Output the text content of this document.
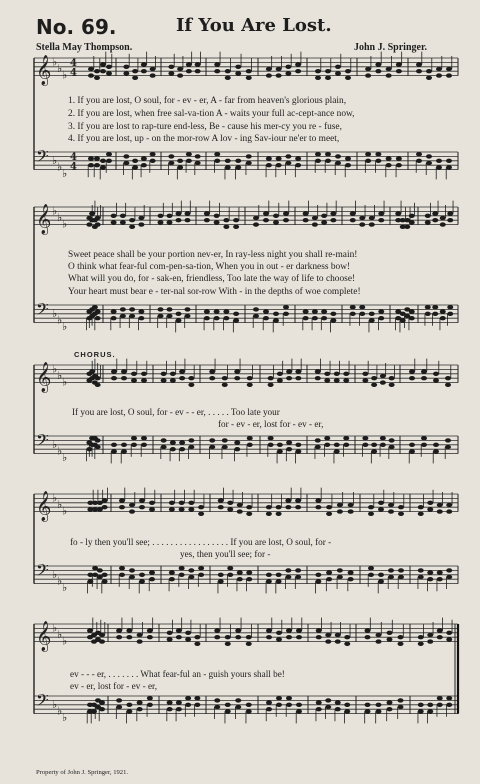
𝄞 ♭
♭
♭
4
4
𝄢 ♭
♭
♭
4
4
𝄞 ♭
♭
♭
𝄢 ♭
♭
♭
𝄞 ♭
♭
♭
𝄢 ♭
♭
♭
𝄞 ♭
♭
♭
𝄢 ♭
♭
♭
𝄞 ♭
♭
♭
𝄢 ♭
♭
♭
No. 69.	If You Are Lost.
Stella May Thompson.	John J. Springer.
1. If you are lost, O soul, for - ev - er, A - far from heaven's glorious plain,
2. If you are lost, when free sal-va-tion A - waits your full ac-cept-ance now,
3. If you are lost to rap-ture end-less, Be - cause his mer-cy you re - fuse,
4. If you are lost, up - on the mor-row A lov - ing Sav-iour ne'er to meet,
Sweet peace shall be your portion nev-er, In ray-less night you shall re-main!
O think what fear-ful com-pen-sa-tion, When you in out - er darkness bow!
What will you do, for - sak-en, friendless, Too late the way of life to choose!
Your heart must bear e - ter-nal sor-row With - in the depths of woe complete!
CHORUS.
If you are lost, O soul, for - ev - - er, . . . . . Too late your
for - ev - er, lost for - ev - er,
fo - ly then you'll see; . . . . . . . . . . . . . . . . . If you are lost, O soul, for -
yes, then you'll see; for -
ev - - - er, . . . . . . . What fear-ful an - guish yours shall be!
ev - er, lost for - ev - er,
Property of John J. Springer, 1921.
